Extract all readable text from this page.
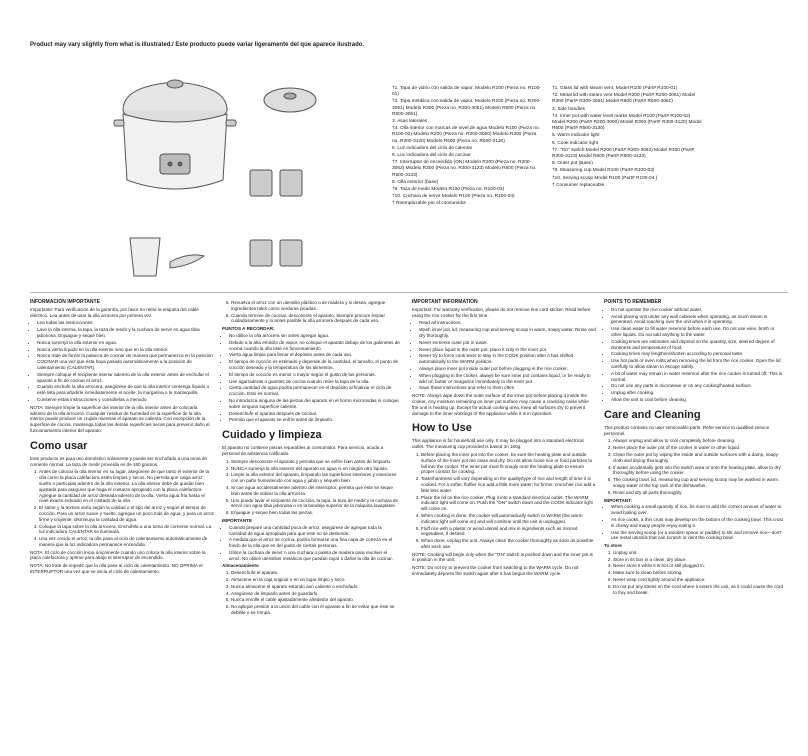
Product may vary slightly from what is illustrated./ Este producto puede variar ligeramente del que aparece ilustrado.
†1. Tapa de vidrio con salida de vapor, Modelo R100 (Pieza no. R100-01)
†2. Tapa metálica con salida de vapor, Modelo R200 (Pieza no. R200-3061) Modelo R300 (Pieza no. R300-3061) Modelo R600 (Pieza no. R600-3061)
3. Asas laterales
†4. Olla interior con marcas de nivel de agua Modelo R100 (Pieza no. R100-02) Modelo R200 (Pieza no. R200-3060) Modelo R300 (Pieza no. R300-3120) Modelo R600 (Pieza no. R600-3130)
5. Luz indicadora del ciclo de calentar
6. Luz indicadora del ciclo de cocinar
†7. Interruptor de encendido (ON) Modelo R200 (Pieza no. R200-3062) Modelo R300 (Pieza no. R300-3123) Modelo R600 (Pieza no. R600-3133)
8. Olla exterior (base)
†9. Taza de medir Modelo R100 (Pieza no. R100-03)
†10. Cuchara de servir Modelo R100 (Pieza no. R100-04)
† Reemplazable por el consumidor
†1. Glass lid with steam vent, Model R100 (Part# R100-01)
†2. Metal lid with steam vent Model R200 (Part# R200-3061) Model R300 (Part# R300-3061) Model R600 (Part# R600-3061)
3. Side handles
†4. Inner pot with water level marks Model R100 (Part# R100-02) Model R200 (Part# R200-3060) Model R300 (Part# R300-3120) Model R600 (Part# R600-3130)
5. Warm indicator light
6. Cook indicator light
†7. "On" switch Model R200 (Part# R200-3062) Model R300 (Part# R300-3123) Model R600 (Part# R600-3133)
8. Outer pot (Base)
†9. Measuring cup Model R100 (Part# R100-03)
†10. Serving scoop Model R100 (Part# R100-04 )
† Consumer replaceable
INFORMACIÓN IMPORTANTE

Importante: Para verificación de la garantía, por favor no retire la etiqueta del cable eléctrico. Lea antes de usar la olla arrocera por primera vez.

• Lea todas las instrucciones.
• Lave la olla interna, la tapa, la taza de medir y la cuchara de servir en agua tibia jabonosa. Enjuague y seque bien.
• Nunca sumerja la olla exterior en agua.
• Nunca vierta líquido en la olla exterior sino que en la olla interior.
• Nunca trate de forzar la palanca de cocinar de manera que permanezca en la posición COCINAR una vez que ésta haya pasado automáticamente a la posición de calentamiento (CALENTAR).
• Siempre coloque el recipiente interior adentro de la olla exterior antes de enchufar el aparato a fin de cocinar el arroz.
• Cuando enchufe la olla arrocera, asegúrese de que la olla interior contenga líquido o esté lista para añadirle inmediatamente el aceite, la margarina o la mantequilla.
• Conserve estas instrucciones y consúltelas a menudo.

NOTA: Siempre limpie la superficie del interior de la olla interior antes de colocarla adentro de la olla arrocera. Cualquier residuo de humedad en la superficie de la olla interior puede producir un crujido mientras el aparato se calienta. Con excepción de la superficie de cocina, mantenga todas las demás superficies secas para prevenir daño al funcionamiento interior del aparato.

Como usar

Este producto es para uso doméstico solamente y puede ser enchufado a una toma de corriente normal. La taza de medir proveída es de 160 gramos.

1. Antes de colocar la olla interior en su lugar, asegúrese de que tanto el exterior de la olla como la placa calefactora estén limpios y secos. No permita que caiga arroz suelto o partículas adentro de la olla exterior. La olla interior debe de quedar bien ajustada para asegurar que haga el contacto apropiado con la placa calefactora. Agregue la cantidad de arroz deseada adentro de la olla. Vierta agua fría hasta el nivel exacto indicado en el costado de la olla.
2. El sabor y la textura varía según la calidad o el tipo del arroz y según el tiempo de cocción. Para un arroz suave y suelto, agregue un poco más de agua; y para un arroz firme y crujiente, disminuya la cantidad de agua.
3. Coloque la tapa sobre la olla arrocera. Enchúfela a una toma de corriente normal. La luz indicadora CALENTAR se iluminará.
4. Una vez cocido el arroz, la olla pasa al ciclo de calentamiento automáticamente de manera que la luz indicadora permanece encendida.

NOTA: El ciclo de cocción inicia únicamente cuando uno coloca la olla interior sobre la placa calefactora y oprime para abajo el interruptor de encendido.

NOTA: No trate de impedir que la olla pase al ciclo de calentamiento. NO OPRIMA el INTERRUPTOR una vez que se inicia el ciclo de calentamiento.

5. Revuelva el arroz con un utensilio plástico o de madera y si desea, agregue ingredientes tales como verduras picadas.
6. Cuando termine de cocinar, desconecte el aparato. Siempre procure limpiar cuidadosamente y lo antes posible la olla arrocera después de cada uso.
PUNTOS A RECORDAR:
• No utilice la olla arrocera sin antes agregar agua.
• Debido a la alta emisión de vapor, no coloque el aparato debajo de los gabinetes de cocina cuando la olla esté en funcionamiento.
• Vierta agua limpia para llenar el depósito antes de cada uso.
• El tiempo de cocción es estimado y depende de la cantidad, el tamaño, el punto de cocción deseado y la temperatura de los alimentos.
• El tiempo de cocción es menor o mayor según el gusto de las personas.
• Use agarraderas o guantes de cocina cuando retire la tapa de la olla.
• Cierta cantidad de agua podría permanecer en el depósito al finalizar el ciclo de cocción. Esto es normal.
• No introduzca ninguna de las piezas del aparato en el horno microondas ni coloque sobre ninguna superficie caliente.
• Desenchufe el aparato después de cocinar.
• Permita que el aparato se enfríe antes de limpiarlo.
Cuidado y limpieza

El aparato no contiene piezas reparables al consumidor. Para servicio, acuda a personal de asistencia calificado.

1. Siempre desconecte el aparato y permita que se enfríe bien antes de limpiarlo.
2. NUNCA sumerja la olla exterior del aparato en agua ni en ningún otro líquido.
3. Limpie la olla exterior del aparato, limpiando las superficies interiores y exteriores con un paño humedecido con agua y jabón y séquelo bien.
4. Si cae agua accidentalmente adentro del interruptor, permita que éste se seque bien antes de utilizar la olla arrocera.
5. Uno puede lavar el recipiente de cocción, la tapa, la taza de medir y la cuchara de servir con agua tibia jabonosa o en la bandeja superior de la máquina lavaplatos.
6. Enjuague y seque bien todas las piezas.
IMPORTANTE
• Cuando prepare una cantidad poca de arroz, asegúrese de agregar toda la cantidad de agua apropiada para que este no se desborde.
• A medida que el arroz se cocina, podría formarse una fina capa de corteza en el fondo de la olla que es del gusto de ciertas personas.
• Utilice la cuchara de servir o una cuchara o paleta de madera para revolver el arroz. No utilice utensilios metálicos que puedan rayar o dañar la olla de cocinar.
Almacenamiento
1. Desenchufe el aparato.
2. Almacene en la caja original o en un lugar limpio y seco.
3. Nunca almacene el aparato estando aun caliente o enchufado.
4. Asegúrese de limpiarlo antes de guardarlo.
5. Nunca enrolle el cable ajustadamente alrededor del aparato.
6. No aplique presión a la unión del cable con el aparato a fin de evitar que éste se debilite o se rompa.
IMPORTANT INFORMATION

Important: For warranty verification, please do not remove line cord sticker. Read before using the rice cooker for the first time.

• Read all instructions.
• Wash inner pot, lid, measuring cup and serving scoop in warm, soapy water. Rinse and dry thoroughly.
• Never immerse outer pot in water.
• Never place liquid in the outer pot; place it only in the inner pot.
• Never try to force cook lever to stay in the COOK position after it has shifted automatically to the WARM position.
• Always place inner pot inside outer pot before plugging in the rice cooker.
• When plugging in the cooker, always be sure inner pot contains liquid, or be ready to add oil, butter or margarine immediately to the inner pot.
• Save these instructions and refer to them often.

NOTE: Always wipe down the outer surface of the inner pot before placing it inside the cooker. Any moisture remaining on inner pot surface may cause a crackling noise while the unit is heating up. Except for actual cooking area, keep all surfaces dry to prevent damage to the inner workings of the appliance while it is in operation.

How to Use

This appliance is for household use only. It may be plugged into a standard electrical outlet. The measuring cup provided is based on 160g.

1. Before placing the inner pot into the cooker, be sure the heating plate and outside surface of the inner pot are clean and dry. Do not allow loose rice or food particles to fall into the cooker. The inner pot must fit snugly onto the heating plate to ensure proper contact for cooking.
2. Taste/hardness will vary depending on the quality/type of rice and length of time it is cooked. For a softer, fluffier rice add a little more water; for firmer, crunchier rice add a little less water.
3. Place the lid on the rice cooker. Plug it into a standard electrical outlet. The WARM indicator light will come on. Push the "ON" switch down and the COOK indicator light will come on.
4. When cooking is done, the cooker will automatically switch to WARM (the warm indicator light will come on) and will continue until the unit is unplugged.
5. Fluff rice with a plastic or wood utensil and mix in ingredients such as minced vegetables, if desired.
6. When done, unplug the unit. Always clean the cooker thoroughly as soon as possible after each use.

NOTE: Cooking will begin only when the "ON" switch is pushed down and the inner pot is in position in the unit.

NOTE: Do not try to prevent the cooker from switching to the WARM cycle. Do not immediately depress the switch again after it has begun the WARM cycle.

POINTS TO REMEMBER
• Do not operate the rice cooker without water.
• Avoid placing unit under any wall cabinets when operating, as much steam is generated. Avoid reaching over the unit when it is operating.
• Use clean water to fill water reservoir before each use. Do not use wine, broth or other liquids. Do not add anything to the water.
• Cooking times are estimates and depend on the quantity, size, desired degree of doneness and temperature of food.
• Cooking times may lengthen/shorten according to personal taste.
• Use hot pads or oven mitts when removing the lid from the rice cooker. Open the lid carefully to allow steam to escape safely.
• A bit of water may remain in water reservoir after the rice cooker is turned off. This is normal.
• Do not use any parts in microwave or on any cooking/heated surface.
• Unplug after cooking.
• Allow the unit to cool before cleaning.
Care and Cleaning

This product contains no user serviceable parts. Refer service to qualified service personnel.

1. Always unplug and allow to cool completely before cleaning.
2. Never place the outer pot of the cooker in water or other liquid.
3. Clean the outer pot by wiping the inside and outside surfaces with a damp, soapy cloth and drying thoroughly.
4. If water accidentally gets into the switch area or onto the heating plate, allow to dry thoroughly before using the cooker.
5. The cooking bowl, lid, measuring cup and serving scoop may be washed in warm soapy water or the top rack of the dishwasher.
6. Rinse and dry all parts thoroughly.
IMPORTANT:
• When cooking a small quantity of rice, be sure to add the correct amount of water to avoid boiling over.
• As rice cooks, a thin crust may develop on the bottom of the cooking bowl. This crust is chewy and many people enjoy eating it.
• Use the serving scoop (or a wooden spoon or paddle) to stir and remove rice—don't use metal utensils that can scratch or dent the cooking bowl.
To store
1. Unplug unit.
2. Store in its box in a clean, dry place.
3. Never store it while it is hot or still plugged in.
4. Make sure to clean before storing.
5. Never wrap cord tightly around the appliance.
6. Do not put any stress on the cord where it enters the unit, as it could cause the cord to fray and break.
